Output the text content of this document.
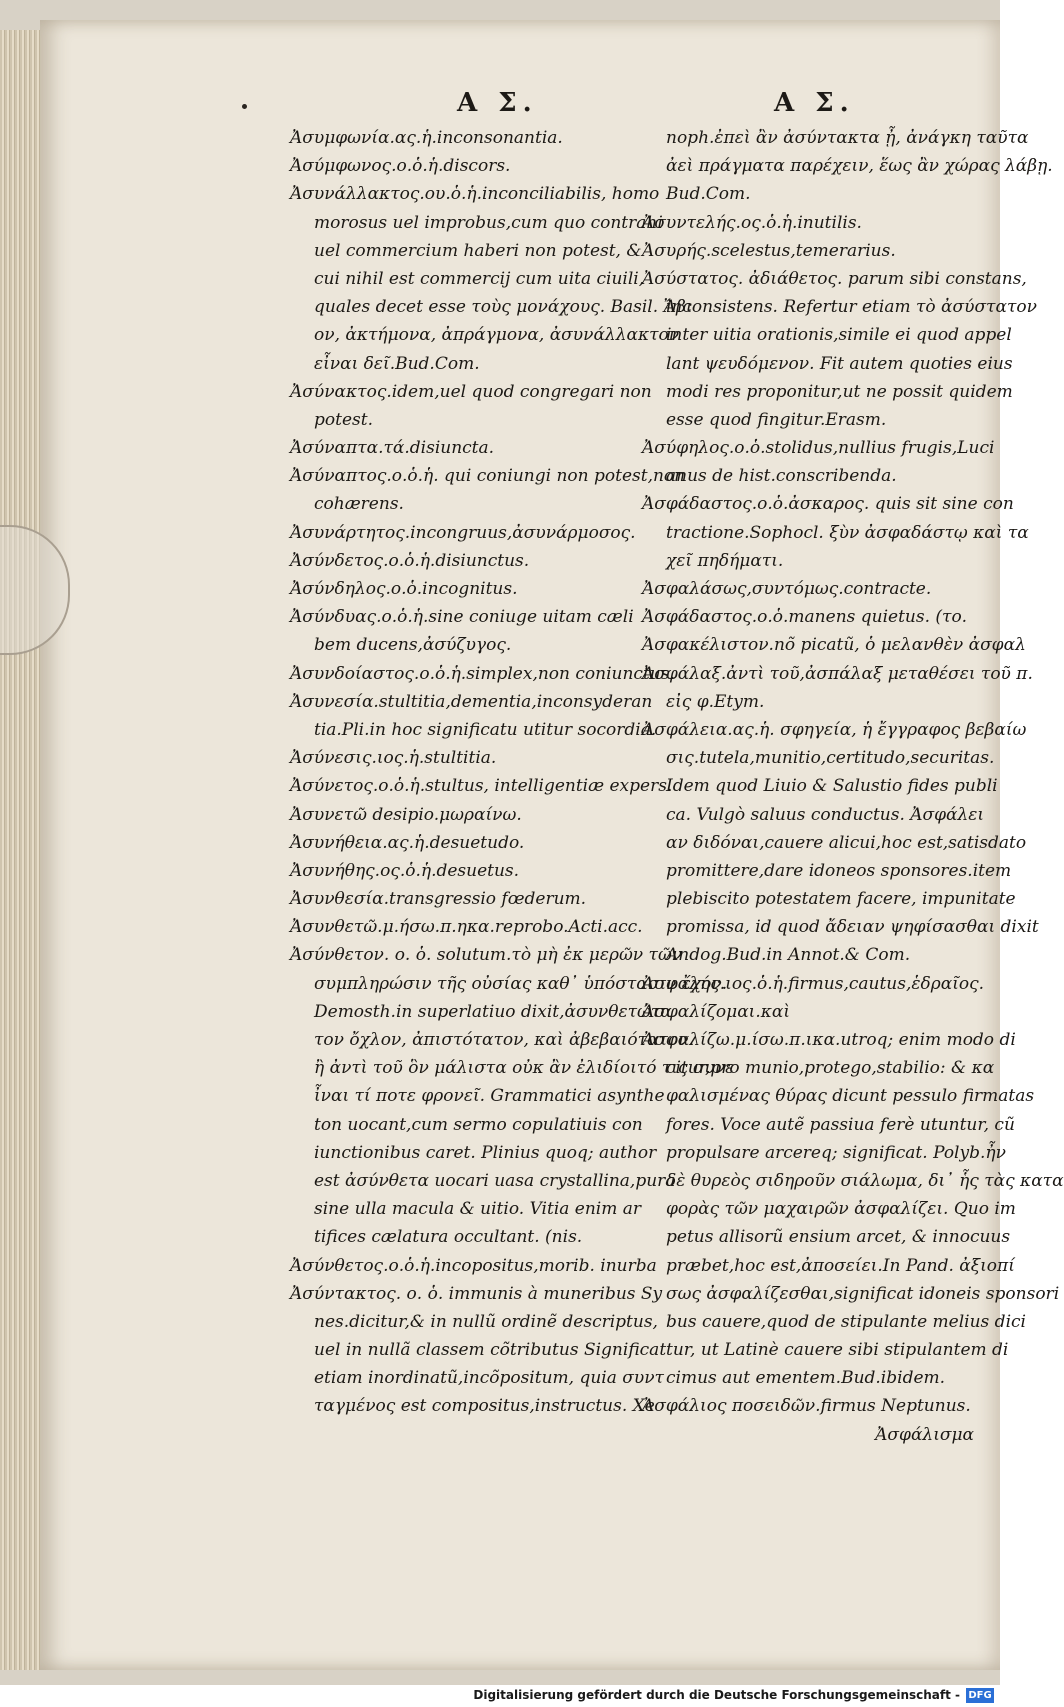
Α Σ.	Α Σ.
Ἀσυμφωνία.ας.ἡ.inconsonantia.
Ἀσύμφωνος.ο.ὁ.ἡ.discors.
Ἀσυνάλλακτος.ου.ὁ.ἡ.inconciliabilis, homo
morosus uel improbus,cum quo contrahi
uel commercium haberi non potest, &
cui nihil est commercij cum uita ciuili,
quales decet esse τοὺς μονάχους. Basil. Ἄβι
ον, ἀκτήμονα, ἀπράγμονα, ἀσυνάλλακτον
εἶναι δεῖ.Bud.Com.
Ἀσύνακτος.idem,uel quod congregari non
potest.
Ἀσύναπτα.τά.disiuncta.
Ἀσύναπτος.ο.ὁ.ἡ. qui coniungi non potest,non
cohærens.
Ἀσυνάρτητος.incongruus,ἀσυνάρμοσος.
Ἀσύνδετος.ο.ὁ.ἡ.disiunctus.
Ἀσύνδηλος.ο.ὁ.incognitus.
Ἀσύνδυας.ο.ὁ.ἡ.sine coniuge uitam cæli
bem ducens,ἀσύζυγος.
Ἀσυνδοίαστος.ο.ὁ.ἡ.simplex,non coniunctus.
Ἀσυνεσία.stultitia,dementia,inconsyderan
tia.Pli.in hoc significatu utitur socordia.
Ἀσύνεσις.ιος.ἡ.stultitia.
Ἀσύνετος.ο.ὁ.ἡ.stultus, intelligentiæ expers.
Ἀσυνετῶ desipio.μωραίνω.
Ἀσυνήθεια.ας.ἡ.desuetudo.
Ἀσυνήθης.ος.ὁ.ἡ.desuetus.
Ἀσυνθεσία.transgressio fœderum.
Ἀσυνθετῶ.μ.ήσω.π.ηκα.reprobo.Acti.acc.
Ἀσύνθετον. ο. ὁ. solutum.τὸ μὴ ἐκ μερῶν τῶν
συμπληρώσιν τῆς οὐσίας καθ᾽ ὑπόστασιν ἔχον.
Demosth.in superlatiuo dixit,ἀσυνθετώτα
τον ὄχλον, ἀπιστότατον, καὶ ἀβεβαιότατον.
ἢ ἀντὶ τοῦ ὃν μάλιστα οὐκ ἂν ἐλιδίοιτό τις συνε
ἶναι τί ποτε φρονεῖ. Grammatici asynthe
ton uocant,cum sermo copulatiuis con
iunctionibus caret. Plinius quoq; author
est ἀσύνθετα uocari uasa crystallina,pura
sine ulla macula & uitio. Vitia enim ar
tifices cælatura occultant. (nis.
Ἀσύνθετος.ο.ὁ.ἡ.incopositus,morib. inurba
Ἀσύντακτος. ο. ὁ. immunis à muneribus Sy
nes.dicitur,& in nullũ ordinẽ descriptus,
uel in nullã classem cõtributus Significat
etiam inordinatũ,incõpositum, quia συντ
ταγμένος est compositus,instructus. Xe
noph.ἐπεὶ ἂν ἀσύντακτα ᾖ, ἀνάγκη ταῦτα
ἀεὶ πράγματα παρέχειν, ἕως ἂν χώρας λάβῃ.
Bud.Com.
Ἀσυντελής.ος.ὁ.ἡ.inutilis.
Ἀσυρής.scelestus,temerarius.
Ἀσύστατος. ἀδιάθετος. parum sibi constans,
inconsistens. Refertur etiam τὸ ἀσύστατον
inter uitia orationis,simile ei quod appel
lant ψευδόμενον. Fit autem quoties eius
modi res proponitur,ut ne possit quidem
esse quod fingitur.Erasm.
Ἀσύφηλος.ο.ὁ.stolidus,nullius frugis,Luci
anus de hist.conscribenda.
Ἀσφάδαστος.ο.ὁ.ἀσκαρος. quis sit sine con
tractione.Sophocl. ξὺν ἀσφαδάστῳ καὶ τα
χεῖ πηδήματι.
Ἀσφαλάσως,συντόμως.contracte.
Ἀσφάδαστος.ο.ὁ.manens quietus. (το.
Ἀσφακέλιστον.nõ picatũ, ὁ μελανθὲν ἀσφαλ
Ἀσφάλαξ.ἀντὶ τοῦ,ἀσπάλαξ μεταθέσει τοῦ π.
εἰς φ.Etym.
Ἀσφάλεια.ας.ἡ. σφηγεία, ἡ ἔγγραφος βεβαίω
σις.tutela,munitio,certitudo,securitas.
Idem quod Liuio & Salustio fides publi
ca. Vulgò saluus conductus. Ἀσφάλει
αν διδόναι,cauere alicui,hoc est,satisdato
promittere,dare idoneos sponsores.item
plebiscito potestatem facere, impunitate
promissa, id quod ἄδειαν ψηφίσασθαι dixit
Andog.Bud.in Annot.& Com.
Ἀσφαλής.ιος.ὁ.ἡ.firmus,cautus,ἑδραῖος.
Ἀσφαλίζομαι.καὶ
Ἀσφαλίζω.μ.ίσω.π.ικα.utroq; enim modo di
citur,pro munio,protego,stabilio: & κα
φαλισμένας θύρας dicunt pessulo firmatas
fores. Voce autẽ passiua ferè utuntur, cũ
propulsare arcereq; significat. Polyb.ἦν
δὲ θυρεὸς σιδηροῦν σιάλωμα, δι᾽ ἧς τὰς κατα
φορὰς τῶν μαχαιρῶν ἀσφαλίζει. Quo im
petus allisorũ ensium arcet, & innocuus
præbet,hoc est,ἀποσείει.In Pand. ἀξιοπί
σως ἀσφαλίζεσθαι,significat idoneis sponsori
bus cauere,quod de stipulante melius dici
tur, ut Latinè cauere sibi stipulantem di
cimus aut ementem.Bud.ibidem.
Ἀσφάλιος ποσειδῶν.firmus Neptunus.
Ἀσφάλισμα
Digitalisierung gefördert durch die Deutsche Forschungsgemeinschaft - DFG
